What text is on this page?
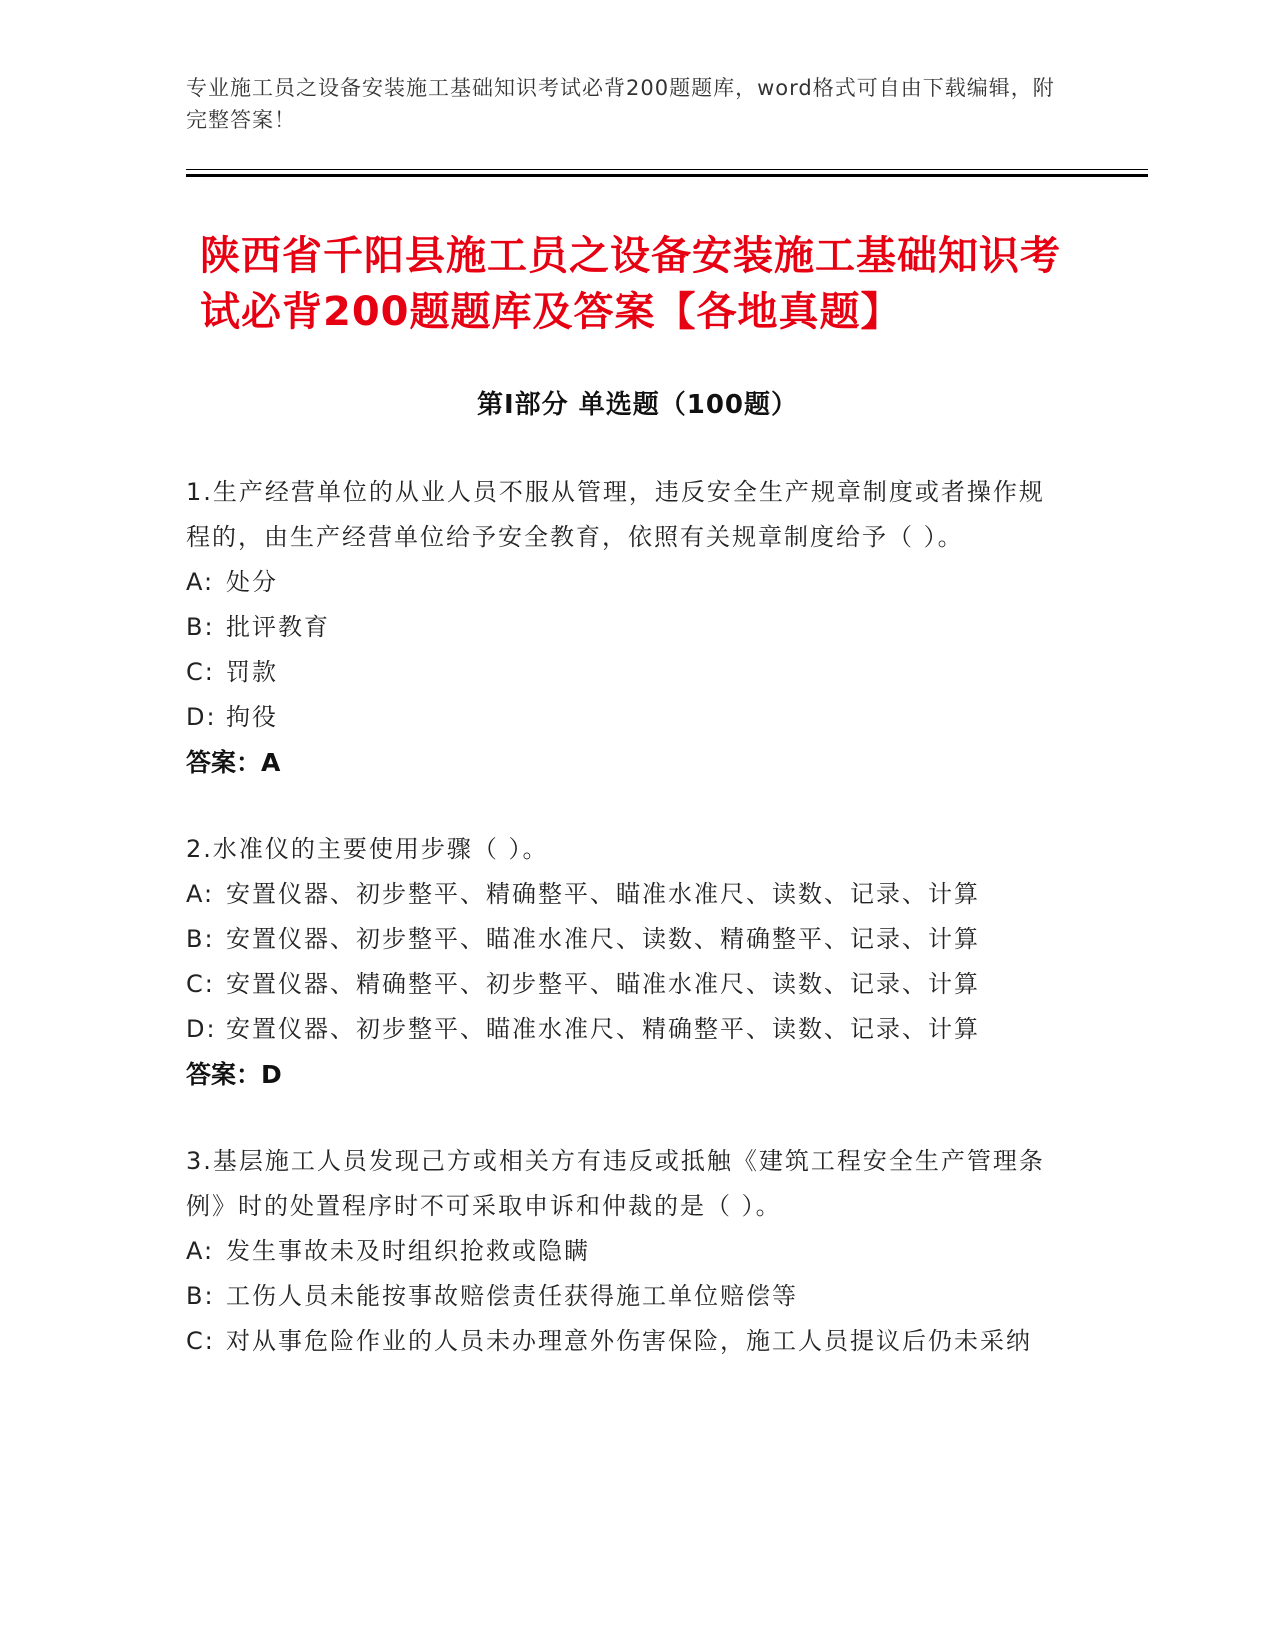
专业施工员之设备安装施工基础知识考试必背200题题库，word格式可自由下载编辑，附完整答案！
陕西省千阳县施工员之设备安装施工基础知识考试必背200题题库及答案【各地真题】
第I部分 单选题（100题）

1.生产经营单位的从业人员不服从管理，违反安全生产规章制度或者操作规程的，由生产经营单位给予安全教育，依照有关规章制度给予（ ）。

A: 处分

B: 批评教育

C: 罚款

D: 拘役

答案：A

2.水准仪的主要使用步骤（ ）。

A: 安置仪器、初步整平、精确整平、瞄准水准尺、读数、记录、计算

B: 安置仪器、初步整平、瞄准水准尺、读数、精确整平、记录、计算

C: 安置仪器、精确整平、初步整平、瞄准水准尺、读数、记录、计算

D: 安置仪器、初步整平、瞄准水准尺、精确整平、读数、记录、计算

答案：D

3.基层施工人员发现己方或相关方有违反或抵触《建筑工程安全生产管理条例》时的处置程序时不可采取申诉和仲裁的是（ ）。

A: 发生事故未及时组织抢救或隐瞒

B: 工伤人员未能按事故赔偿责任获得施工单位赔偿等

C: 对从事危险作业的人员未办理意外伤害保险，施工人员提议后仍未采纳
